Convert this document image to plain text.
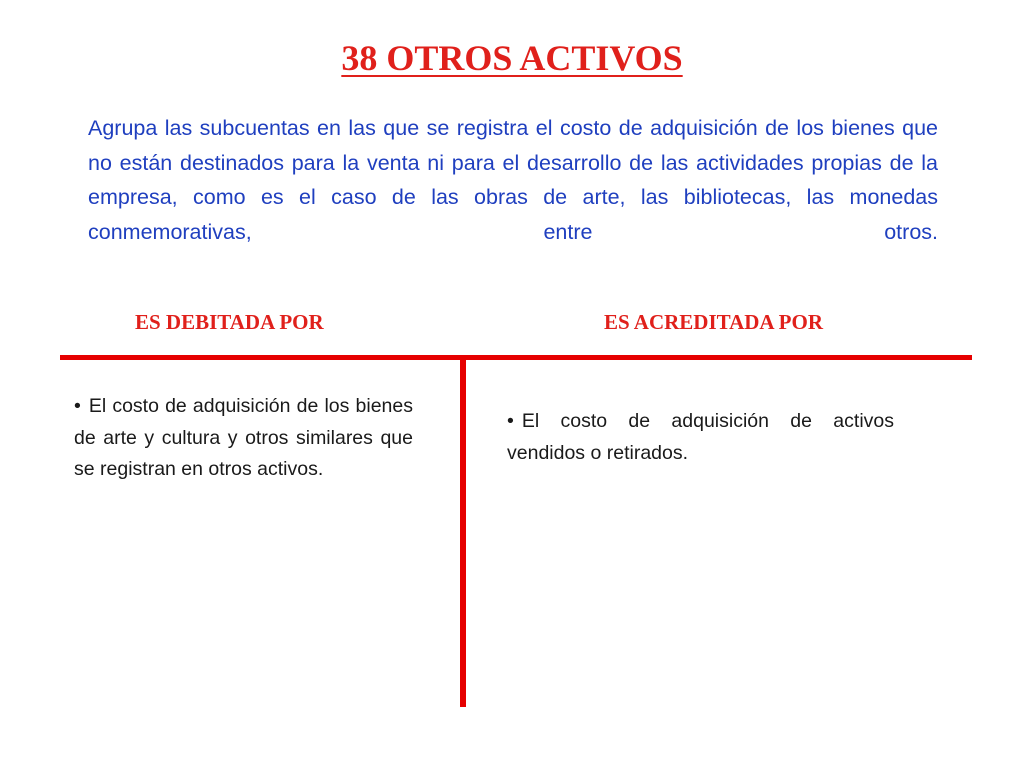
38 OTROS ACTIVOS

Agrupa las subcuentas en las que se registra el costo de adquisición de los bienes que no están destinados para la venta ni para el desarrollo de las actividades propias de la empresa, como es el caso de las obras de arte, las bibliotecas, las monedas conmemorativas, entre otros.

ES DEBITADA POR	ES ACREDITADA POR

• El costo de adquisición de los bienes de arte y cultura y otros similares que se registran en otros activos.

• El costo de adquisición de activos vendidos o retirados.
